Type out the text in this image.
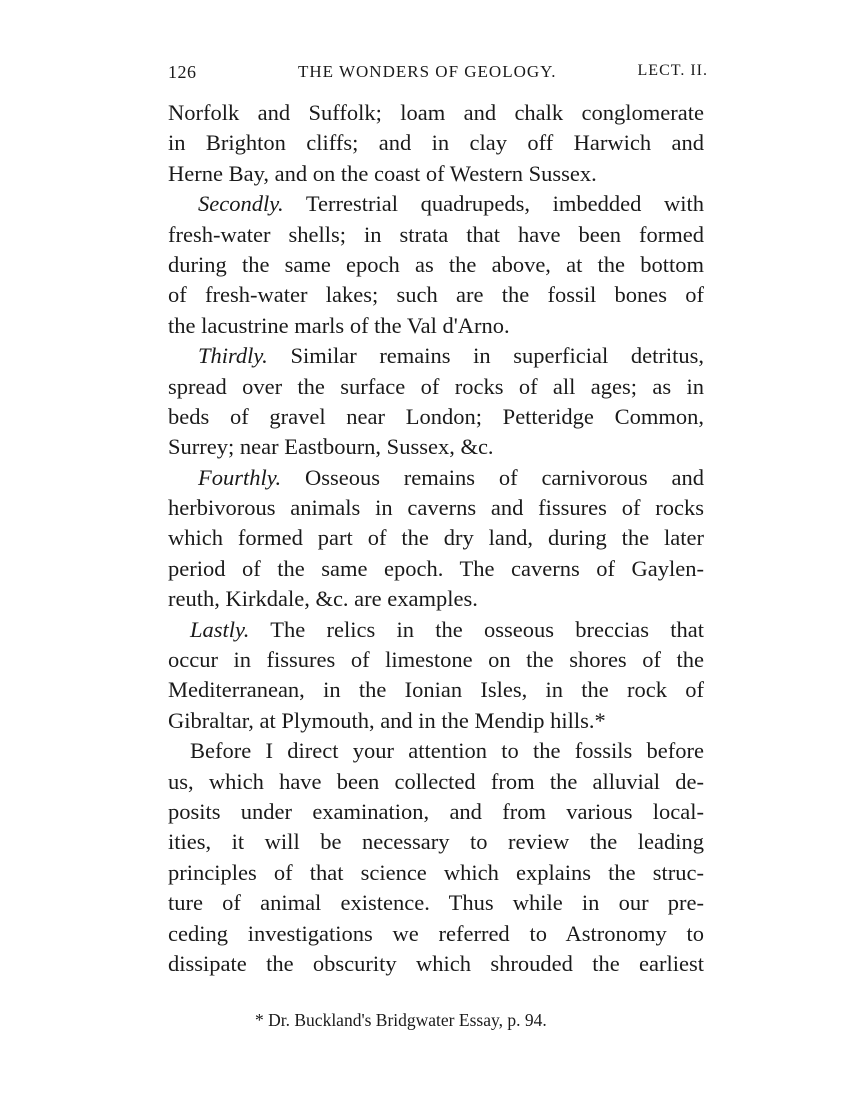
126	THE WONDERS OF GEOLOGY.	LECT. II.
Norfolk and Suffolk; loam and chalk conglomerate
in Brighton cliffs; and in clay off Harwich and
Herne Bay, and on the coast of Western Sussex.
Secondly. Terrestrial quadrupeds, imbedded with
fresh-water shells; in strata that have been formed
during the same epoch as the above, at the bottom
of fresh-water lakes; such are the fossil bones of
the lacustrine marls of the Val d'Arno.
Thirdly. Similar remains in superficial detritus,
spread over the surface of rocks of all ages; as in
beds of gravel near London; Petteridge Common,
Surrey; near Eastbourn, Sussex, &c.
Fourthly. Osseous remains of carnivorous and
herbivorous animals in caverns and fissures of rocks
which formed part of the dry land, during the later
period of the same epoch. The caverns of Gaylen-
reuth, Kirkdale, &c. are examples.
Lastly. The relics in the osseous breccias that
occur in fissures of limestone on the shores of the
Mediterranean, in the Ionian Isles, in the rock of
Gibraltar, at Plymouth, and in the Mendip hills.*
Before I direct your attention to the fossils before
us, which have been collected from the alluvial de-
posits under examination, and from various local-
ities, it will be necessary to review the leading
principles of that science which explains the struc-
ture of animal existence. Thus while in our pre-
ceding investigations we referred to Astronomy to
dissipate the obscurity which shrouded the earliest
* Dr. Buckland's Bridgwater Essay, p. 94.
